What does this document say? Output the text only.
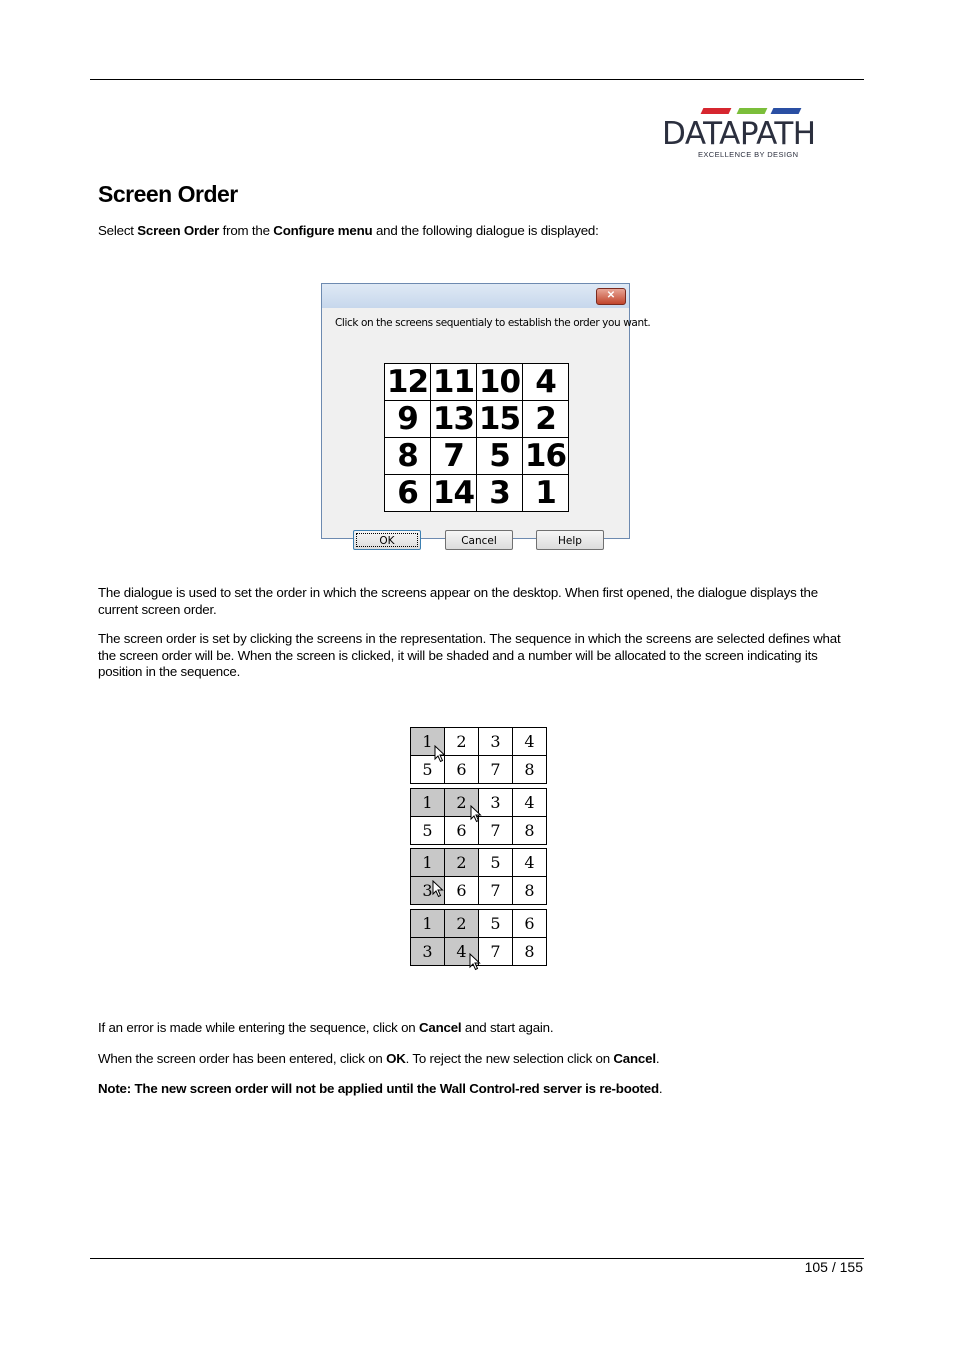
DATAPATH
EXCELLENCE BY DESIGN
Screen Order

Select Screen Order from the Configure menu and the following dialogue is displayed:

✕
Click on the screens sequentialy to establish the order you want.
12	11	10	4
9	13	15	2
8	7	5	16
6	14	3	1
OK	Cancel	Help

The dialogue is used to set the order in which the screens appear on the desktop. When first opened, the dialogue displays the current screen order.

The screen order is set by clicking the screens in the representation. The sequence in which the screens are selected defines what the screen order will be. When the screen is clicked, it will be shaded and a number will be allocated to the screen indicating its position in the sequence.

1	2	3	4
5	6	7	8
1	2	3	4
5	6	7	8
1	2	5	4
3	6	7	8
1	2	5	6
3	4	7	8

If an error is made while entering the sequence, click on Cancel and start again.

When the screen order has been entered, click on OK. To reject the new selection click on Cancel.

Note: The new screen order will not be applied until the Wall Control-red server is re-booted.

105 / 155
